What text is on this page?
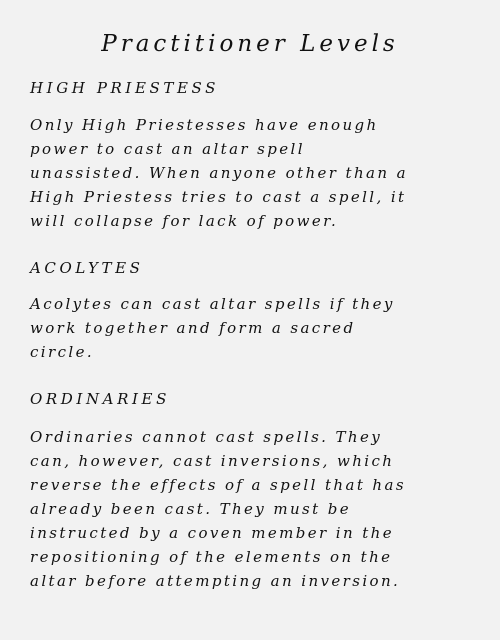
Practitioner Levels
HIGH PRIESTESS
Only High Priestesses have enough
power to cast an altar spell
unassisted. When anyone other than a
High Priestess tries to cast a spell, it
will collapse for lack of power.
ACOLYTES
Acolytes can cast altar spells if they
work together and form a sacred
circle.
ORDINARIES
Ordinaries cannot cast spells. They
can, however, cast inversions, which
reverse the effects of a spell that has
already been cast. They must be
instructed by a coven member in the
repositioning of the elements on the
altar before attempting an inversion.
